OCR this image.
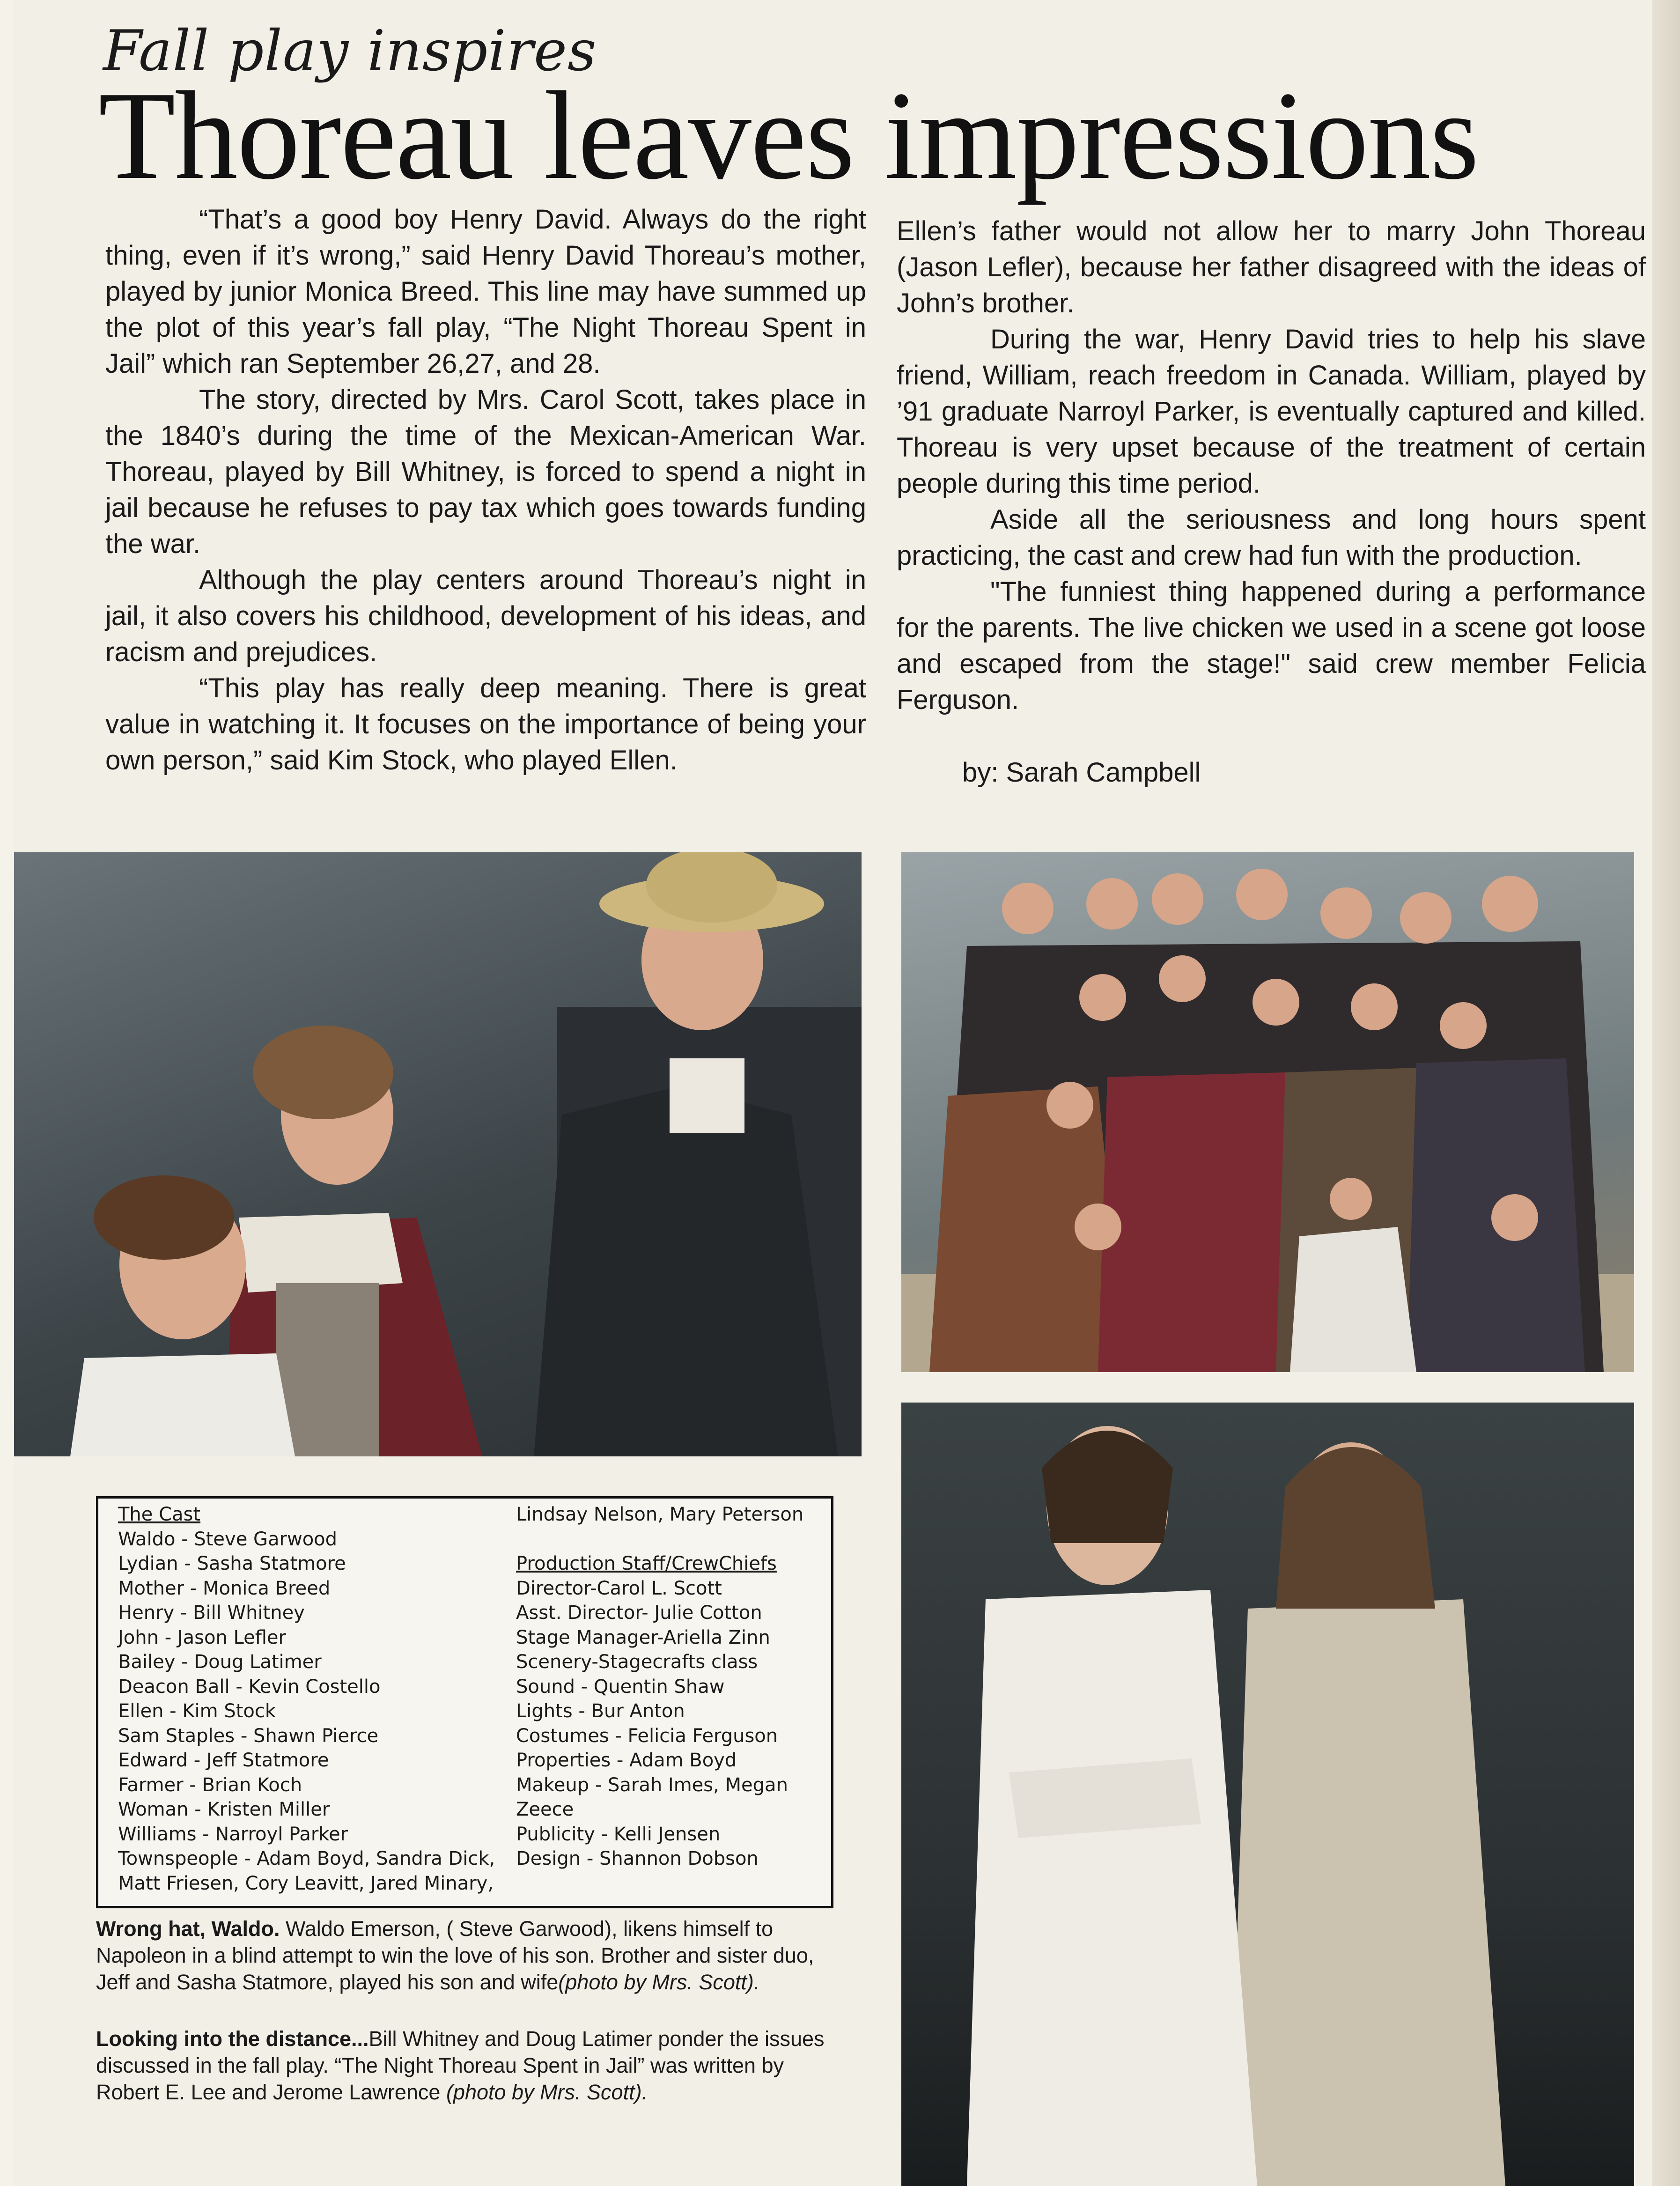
Fall play inspires
Thoreau leaves impressions

“That’s a good boy Henry David. Always do the right thing, even if it’s wrong,” said Henry David Thoreau’s mother, played by junior Monica Breed. This line may have summed up the plot of this year’s fall play, “The Night Thoreau Spent in Jail” which ran September 26,27, and 28.

The story, directed by Mrs. Carol Scott, takes place in the 1840’s during the time of the Mexican-American War. Thoreau, played by Bill Whitney, is forced to spend a night in jail because he refuses to pay tax which goes towards funding the war.

Although the play centers around Thoreau’s night in jail, it also covers his childhood, development of his ideas, and racism and prejudices.

“This play has really deep meaning. There is great value in watching it. It focuses on the importance of being your own person,” said Kim Stock, who played Ellen.

Ellen’s father would not allow her to marry John Thoreau (Jason Lefler), because her father disagreed with the ideas of John’s brother.

During the war, Henry David tries to help his slave friend, William, reach freedom in Canada. William, played by ’91 graduate Narroyl Parker, is eventually captured and killed. Thoreau is very upset because of the treatment of certain people during this time period.

Aside all the seriousness and long hours spent practicing, the cast and crew had fun with the production.

"The funniest thing happened during a performance for the parents. The live chicken we used in a scene got loose and escaped from the stage!" said crew member Felicia Ferguson.

by: Sarah Campbell

The Cast
Waldo - Steve Garwood
Lydian - Sasha Statmore
Mother - Monica Breed
Henry - Bill Whitney
John - Jason Lefler
Bailey - Doug Latimer
Deacon Ball - Kevin Costello
Ellen - Kim Stock
Sam Staples - Shawn Pierce
Edward - Jeff Statmore
Farmer - Brian Koch
Woman - Kristen Miller
Williams - Narroyl Parker
Townspeople - Adam Boyd, Sandra Dick,
Matt Friesen, Cory Leavitt, Jared Minary,
Lindsay Nelson, Mary Peterson
Production Staff/CrewChiefs
Director-Carol L. Scott
Asst. Director- Julie Cotton
Stage Manager-Ariella Zinn
Scenery-Stagecrafts class
Sound - Quentin Shaw
Lights - Bur Anton
Costumes - Felicia Ferguson
Properties - Adam Boyd
Makeup - Sarah Imes, Megan
Zeece
Publicity - Kelli Jensen
Design - Shannon Dobson
Wrong hat, Waldo. Waldo Emerson, ( Steve Garwood), likens himself to Napoleon in a blind attempt to win the love of his son. Brother and sister duo, Jeff and Sasha Statmore, played his son and wife(photo by Mrs. Scott).
Looking into the distance...Bill Whitney and Doug Latimer ponder the issues discussed in the fall play. “The Night Thoreau Spent in Jail” was written by Robert E. Lee and Jerome Lawrence (photo by Mrs. Scott).
